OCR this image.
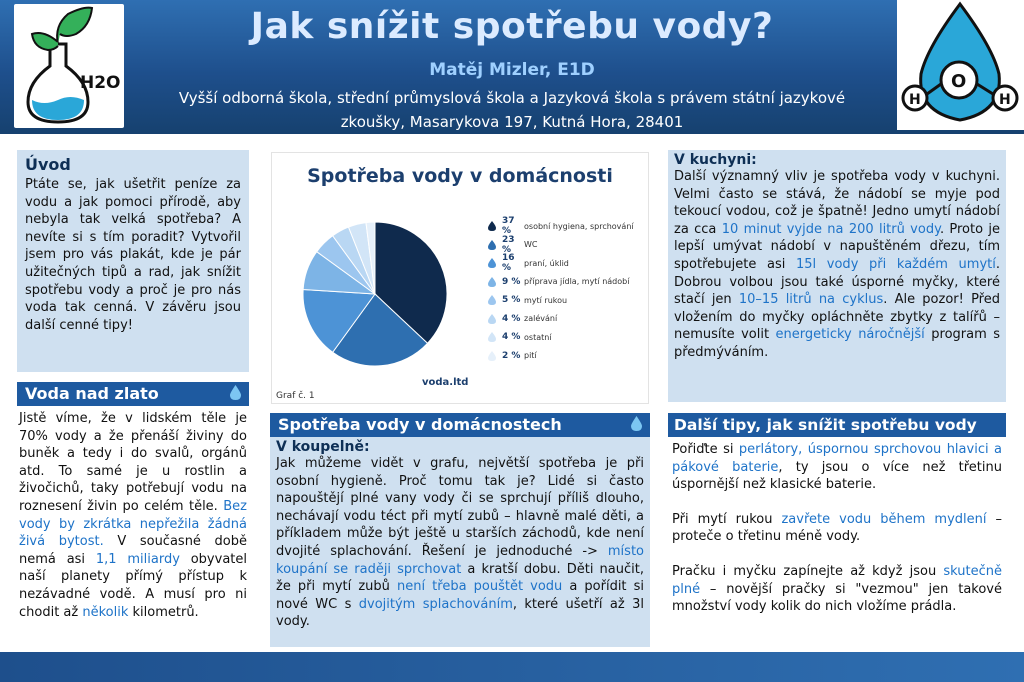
H2O	O
H	H
Jak snížit spotřebu vody?
Matěj Mizler, E1D
Vyšší odborná škola, střední průmyslová škola a Jazyková škola s právem státní jazykové zkoušky, Masarykova 197, Kutná Hora, 28401
Úvod
Ptáte se, jak ušetřit peníze za vodu a jak pomoci přírodě, aby nebyla tak velká spotřeba? A nevíte si s tím poradit? Vytvořil jsem pro vás plakát, kde je pár užitečných tipů a rad, jak snížit spotřebu vody a proč je pro nás voda tak cenná. V závěru jsou další cenné tipy!
Voda nad zlato
Jistě víme, že v lidském těle je 70% vody a že přenáší živiny do buněk a tedy i do svalů, orgánů atd. To samé je u rostlin a živočichů, taky potřebují vodu na roznesení živin po celém těle. Bez vody by zkrátka nepřežila žádná živá bytost. V současné době nemá asi 1,1 miliardy obyvatel naší planety přímý přístup k nezávadné vodě. A musí pro ni chodit až několik kilometrů.
Spotřeba vody v domácnosti
37 %	osobní hygiena, sprchování
23 %	WC
16 %	praní, úklid
9 % příprava jídla, mytí nádobí
5 % mytí rukou
4 % zalévání
4 % ostatní
2 % pití
voda.ltd
Graf č. 1
Spotřeba vody v domácnostech
V koupelně:
Jak můžeme vidět v grafu, největší spotřeba je při osobní hygieně. Proč tomu tak je? Lidé si často napouštějí plné vany vody či se sprchují příliš dlouho, nechávají vodu téct při mytí zubů – hlavně malé děti, a příkladem může být ještě u starších záchodů, kde není dvojité splachování. Řešení je jednoduché -> místo koupání se raději sprchovat a kratší dobu. Děti naučit, že při mytí zubů není třeba pouštět vodu a pořídit si nové WC s dvojitým splachováním, které ušetří až 3l vody.
V kuchyni:
Další významný vliv je spotřeba vody v kuchyni. Velmi často se stává, že nádobí se myje pod tekoucí vodou, což je špatně! Jedno umytí nádobí za cca 10 minut vyjde na 200 litrů vody. Proto je lepší umývat nádobí v napuštěném dřezu, tím spotřebujete asi 15l vody při každém umytí. Dobrou volbou jsou také úsporné myčky, které stačí jen 10–15 litrů na cyklus. Ale pozor! Před vložením do myčky opláchněte zbytky z talířů – nemusíte volit energeticky náročnější program s předmýváním.
Další tipy, jak snížit spotřebu vody

Pořiďte si perlátory, úspornou sprchovou hlavici a pákové baterie, ty jsou o více než třetinu úspornější než klasické baterie.

Při mytí rukou zavřete vodu během mydlení – proteče o třetinu méně vody.

Pračku i myčku zapínejte až když jsou skutečně plné – novější pračky si "vezmou" jen takové množství vody kolik do nich vložíme prádla.
